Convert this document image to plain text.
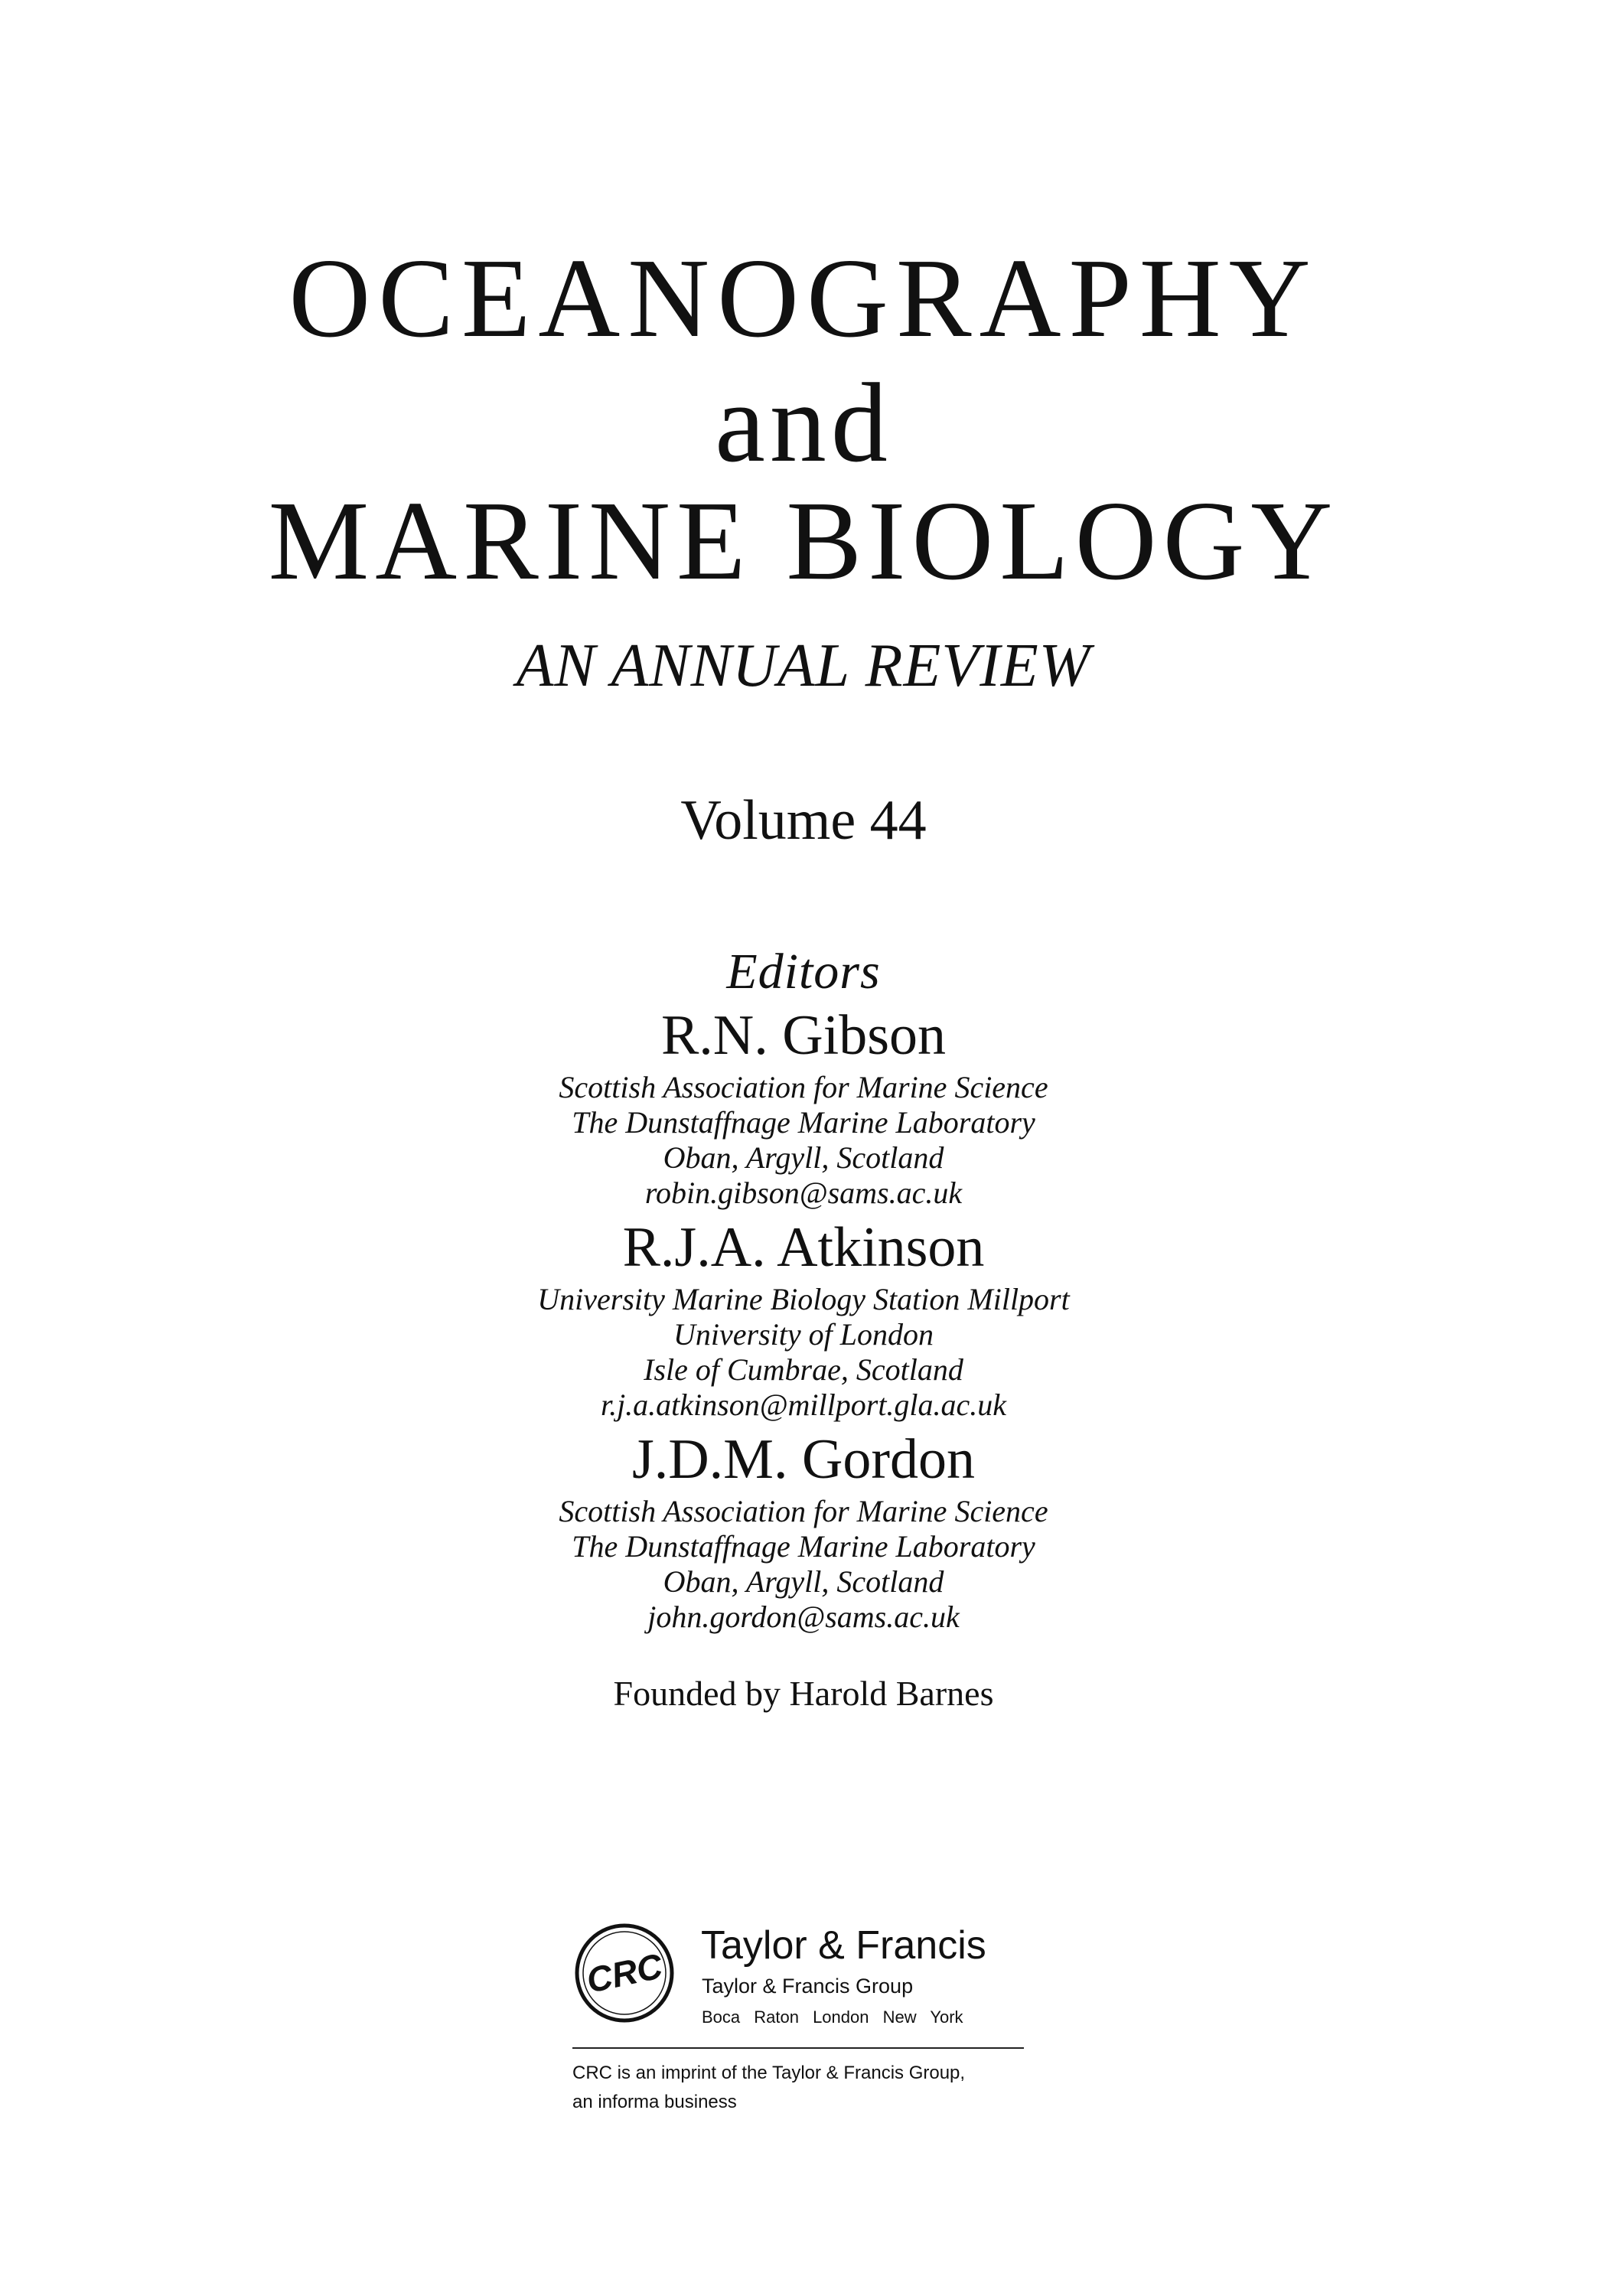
OCEANOGRAPHY
and
MARINE BIOLOGY
AN ANNUAL REVIEW
Volume 44
Editors
R.N. Gibson
Scottish Association for Marine Science
The Dunstaffnage Marine Laboratory
Oban, Argyll, Scotland
robin.gibson@sams.ac.uk
R.J.A. Atkinson
University Marine Biology Station Millport
University of London
Isle of Cumbrae, Scotland
r.j.a.atkinson@millport.gla.ac.uk
J.D.M. Gordon
Scottish Association for Marine Science
The Dunstaffnage Marine Laboratory
Oban, Argyll, Scotland
john.gordon@sams.ac.uk
Founded by Harold Barnes
CRC
Taylor & Francis
Taylor & Francis Group
Boca Raton London New York
CRC is an imprint of the Taylor & Francis Group,
an informa business
